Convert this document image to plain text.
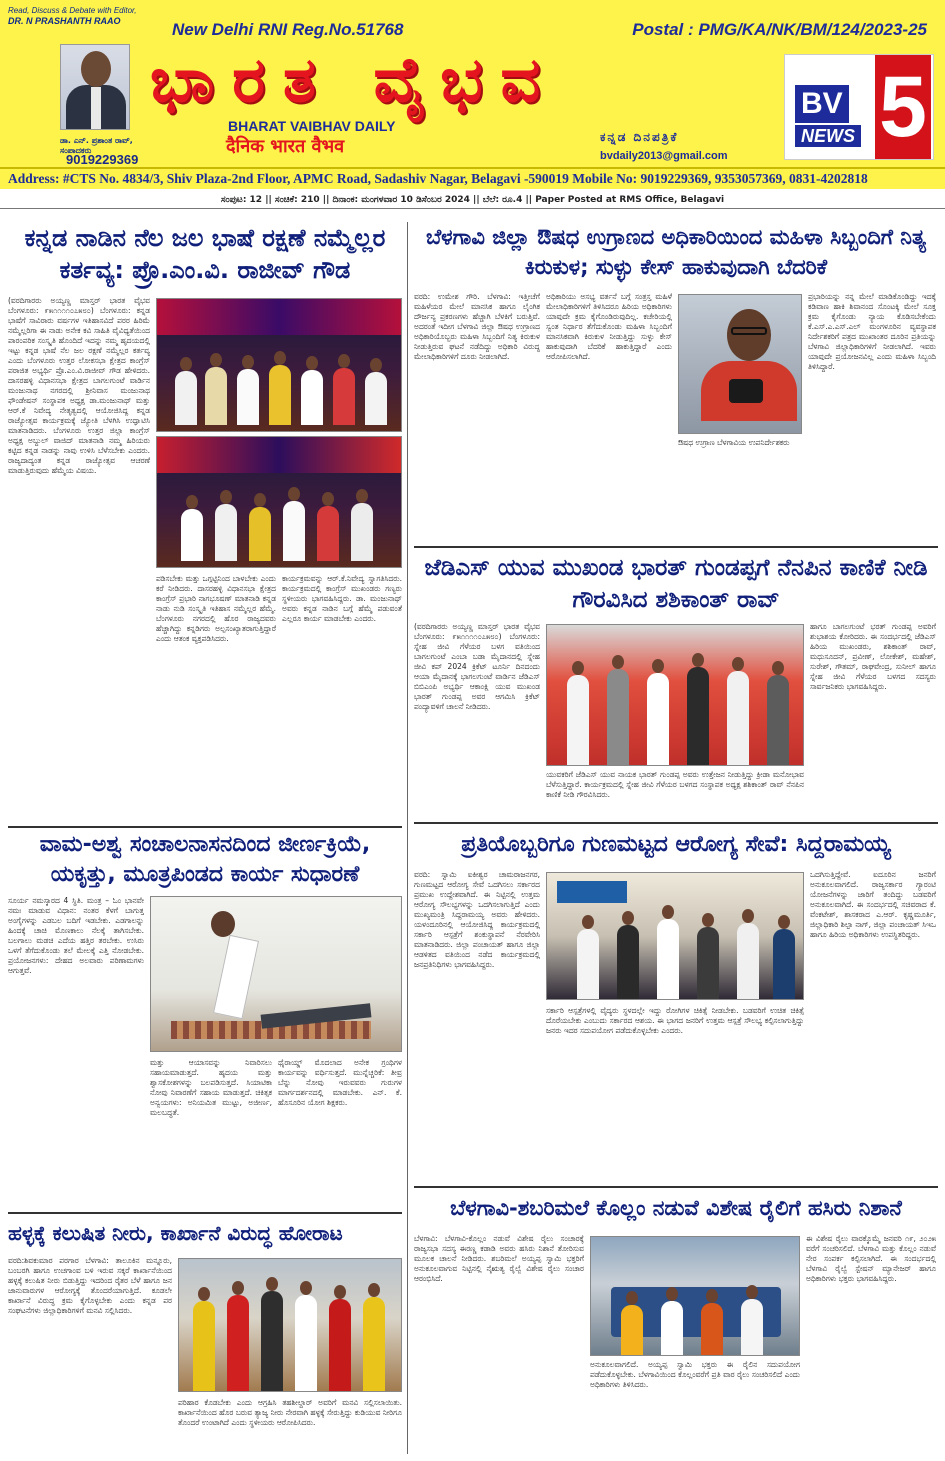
Read, Discuss & Debate with Editor,
DR. N PRASHANTH RAAO
ಡಾ. ಎನ್. ಪ್ರಶಾಂತ ರಾವ್, ಸಂಪಾದಕರು
9019229369
New Delhi RNI Reg.No.51768	Postal : PMG/KA/NK/BM/124/2023-25
ಭಾರತ ವೈಭವ
BHARAT VAIBHAV DAILY
दैनिक भारत वैभव	ಕನ್ನಡ ದಿನಪತ್ರಿಕೆ
bvdaily2013@gmail.com
5
BV
NEWS
Address: #CTS No. 4834/3, Shiv Plaza-2nd Floor, APMC Road, Sadashiv Nagar, Belagavi -590019 Mobile No: 9019229369, 9353057369, 0831-4202818
ಸಂಪುಟ: 12 || ಸಂಚಿಕೆ: 210 || ದಿನಾಂಕ: ಮಂಗಳವಾರ 10 ಡಿಸೆಂಬರ 2024 || ಬೆಲೆ: ರೂ.4 || Paper Posted at RMS Office, Belagavi
ಕನ್ನಡ ನಾಡಿನ ನೆಲ ಜಲ ಭಾಷೆ ರಕ್ಷಣೆ ನಮ್ಮೆಲ್ಲರ ಕರ್ತವ್ಯ: ಪ್ರೊ.ಎಂ.ವಿ. ರಾಜೀವ್ ಗೌಡ
(ವರದಿಗಾರರು ಅಯ್ಯಣ್ಣ ಮಾಸ್ತರ್ ಭಾರತ ವೈಭವ ಬೆಂಗಳೂರು: ೯೫೧೧೧೧೦೭೫೮೦) ಬೆಂಗಳೂರು: ಕನ್ನಡ ಭಾಷೆಗೆ ಸಾವಿರಾರು ವರ್ಷಗಳ ಇತಿಹಾಸವಿದೆ ಪರರ ಹಿರಿಮೆ ನಮ್ಮೆಲ್ಲರಿಗಾ ಈ ನಾಡು ಅನೇಕ ಕವಿ ಸಾಹಿತಿ ವೈವಿಧ್ಯತೆಯಿಂದ ಪಾರಂಪರಿಕ ಸಂಸ್ಕೃತಿ ಹೊಂದಿದೆ ಇದನ್ನು ನಮ್ಮ ಹೃದಯದಲ್ಲಿ ಇಟ್ಟು ಕನ್ನಡ ಭಾಷೆ ನೆಲ ಜಲ ರಕ್ಷಣೆ ನಮ್ಮೆಲ್ಲರ ಕರ್ತವ್ಯ ಎಂದು ಬೆಂಗಳೂರು ಉತ್ತರ ಲೋಕಸಭಾ ಕ್ಷೇತ್ರದ ಕಾಂಗ್ರೆಸ್ ಪರಾಜಿತ ಅಭ್ಯರ್ಥಿ ಪ್ರೊ.ಎಂ.ವಿ.ರಾಜೀವ್ ಗೌಡ ಹೇಳಿದರು. ದಾಸರಹಳ್ಳಿ ವಿಧಾನಸಭಾ ಕ್ಷೇತ್ರದ ಬಾಗಲಗುಂಟೆ ವಾರ್ಡಿನ ಮಂಜುನಾಥ ನಗರದಲ್ಲಿ ಶ್ರೀನಿವಾಸ ಮಂಜುನಾಥ ಫೌಂಡೇಷನ್ ಸಂಸ್ಥಾಪಕ ಅಧ್ಯಕ್ಷ ಡಾ.ಮಂಜುನಾಥ್ ಮತ್ತು ಆರ್.ಕೆ ನಿವೇದ್ಯ ನೇತೃತ್ವದಲ್ಲಿ ಆಯೋಜಿಸಿದ್ದ ಕನ್ನಡ ರಾಜ್ಯೋತ್ಸವ ಕಾರ್ಯಕ್ರಮಕ್ಕೆ ಜ್ಯೋತಿ ಬೆಳಗಿಸಿ ಉದ್ಘಾಟಿಸಿ ಮಾತನಾಡಿದರು. ಬೆಂಗಳೂರು ಉತ್ತರ ಜಿಲ್ಲಾ ಕಾಂಗ್ರೆಸ್ ಅಧ್ಯಕ್ಷ ಅಬ್ದುಲ್ ವಾಜಿದ್ ಮಾತನಾಡಿ ನಮ್ಮ ಹಿರಿಯರು ಕಟ್ಟಿದ ಕನ್ನಡ ನಾಡನ್ನು ನಾವು ಉಳಿಸಿ ಬೆಳೆಸಬೇಕು ಎಂದರು. ರಾಜ್ಯದಾದ್ಯಂತ ಕನ್ನಡ ರಾಜ್ಯೋತ್ಸವ ಆಚರಣೆ ಮಾಡುತ್ತಿರುವುದು ಹೆಮ್ಮೆಯ ವಿಷಯ.
ಪಡಿಸಬೇಕು ಮತ್ತು ಒಗ್ಗಟ್ಟಿನಿಂದ ಬಾಳಬೇಕು ಎಂದು ಕರೆ ನೀಡಿದರು. ದಾಸರಹಳ್ಳಿ ವಿಧಾನಸಭಾ ಕ್ಷೇತ್ರದ ಕಾಂಗ್ರೆಸ್ ಪ್ರಭಾರಿ ನಾಗಭೂಷಣ್ ಮಾತನಾಡಿ ಕನ್ನಡ ನಾಡು ನುಡಿ ಸಂಸ್ಕೃತಿ ಇತಿಹಾಸ ನಮ್ಮೆಲ್ಲರ ಹೆಮ್ಮೆ. ಬೆಂಗಳೂರು ನಗರದಲ್ಲಿ ಹೊರ ರಾಜ್ಯದವರು ಹೆಚ್ಚಾಗಿದ್ದು ಕನ್ನಡಿಗರು ಅಲ್ಪಸಂಖ್ಯಾತರಾಗುತ್ತಿದ್ದಾರೆ ಎಂದು ಆತಂಕ ವ್ಯಕ್ತಪಡಿಸಿದರು.
ಕಾರ್ಯಕ್ರಮವನ್ನು ಆರ್.ಕೆ.ನಿವೇದ್ಯ ಸ್ವಾಗತಿಸಿದರು. ಕಾರ್ಯಕ್ರಮದಲ್ಲಿ ಕಾಂಗ್ರೆಸ್ ಮುಖಂಡರು ಗಣ್ಯರು ಸ್ಥಳೀಯರು ಭಾಗವಹಿಸಿದ್ದರು. ಡಾ. ಮಂಜುನಾಥ್ ಅವರು ಕನ್ನಡ ನಾಡಿನ ಬಗ್ಗೆ ಹೆಮ್ಮೆ ಪಡುವಂತೆ ಎಲ್ಲರೂ ಕಾರ್ಯ ಮಾಡಬೇಕು ಎಂದರು.
ಬೆಳಗಾವಿ ಜಿಲ್ಲಾ ಔಷಧ ಉಗ್ರಾಣದ ಅಧಿಕಾರಿಯಿಂದ ಮಹಿಳಾ ಸಿಬ್ಬಂದಿಗೆ ನಿತ್ಯ ಕಿರುಕುಳ; ಸುಳ್ಳು ಕೇಸ್ ಹಾಕುವುದಾಗಿ ಬೆದರಿಕೆ
ವರದಿ: ಉಮೇಶ ಗೌರಿ. ಬೆಳಗಾವಿ: ಇತ್ತೀಚೆಗೆ ಮಹಿಳೆಯರ ಮೇಲೆ ಮಾನಸಿಕ ಹಾಗೂ ಲೈಂಗಿಕ ದೌರ್ಜನ್ಯ ಪ್ರಕರಣಗಳು ಹೆಚ್ಚಾಗಿ ಬೆಳಕಿಗೆ ಬರುತ್ತಿವೆ. ಅದರಂತೆ ಇದೀಗ ಬೆಳಗಾವಿ ಜಿಲ್ಲಾ ಔಷಧ ಉಗ್ರಾಣದ ಅಧಿಕಾರಿಯೊಬ್ಬರು ಮಹಿಳಾ ಸಿಬ್ಬಂದಿಗೆ ನಿತ್ಯ ಕಿರುಕುಳ ನೀಡುತ್ತಿರುವ ಘಟನೆ ನಡೆದಿದ್ದು ಅಧಿಕಾರಿ ವಿರುದ್ಧ ಮೇಲಾಧಿಕಾರಿಗಳಿಗೆ ದೂರು ನೀಡಲಾಗಿದೆ.
ಅಧಿಕಾರಿಯು ಅಸಭ್ಯ ವರ್ತನೆ ಬಗ್ಗೆ ಸಂತ್ರಸ್ತ ಮಹಿಳೆ ಮೇಲಾಧಿಕಾರಿಗಳಿಗೆ ತಿಳಿಸಿದರೂ ಹಿರಿಯ ಅಧಿಕಾರಿಗಳು ಯಾವುದೇ ಕ್ರಮ ಕೈಗೊಂಡಿರುವುದಿಲ್ಲ. ಕಚೇರಿಯಲ್ಲಿ ಸ್ವಂತ ನಿರ್ಧಾರ ತೆಗೆದುಕೊಂಡು ಮಹಿಳಾ ಸಿಬ್ಬಂದಿಗೆ ಮಾನಸಿಕವಾಗಿ ಕಿರುಕುಳ ನೀಡುತ್ತಿದ್ದು ಸುಳ್ಳು ಕೇಸ್ ಹಾಕುವುದಾಗಿ ಬೆದರಿಕೆ ಹಾಕುತ್ತಿದ್ದಾರೆ ಎಂದು ಆರೋಪಿಸಲಾಗಿದೆ.
ಔಷಧ ಉಗ್ರಾಣ ಬೆಳಗಾವಿಯ ಉಪನಿರ್ದೇಶಕರು
ಪ್ರಭಾರಿಯನ್ನು ನನ್ನ ಮೇಲೆ ಮಾಡಿಕೊಂಡಿದ್ದು ಇದಕ್ಕೆ ಕಡಿವಾಣ ಹಾಕಿ ಶಿವಾನಂದ ಸೊಂಟಕ್ಕಿ ಮೇಲೆ ಸೂಕ್ತ ಕ್ರಮ ಕೈಗೊಂಡು ನ್ಯಾಯ ಕೊಡಿಸಬೇಕೆಂದು ಕೆ.ಎಸ್.ಎ.ಎಸ್.ಎಲ್ ಮಂಗಳೂರಿನ ವ್ಯವಸ್ಥಾಪಕ ನಿರ್ದೇಶಕರಿಗೆ ಪತ್ರದ ಮುಖಾಂತರ ದೂರಿನ ಪ್ರತಿಯನ್ನು ಬೆಳಗಾವಿ ಜಿಲ್ಲಾಧಿಕಾರಿಗಳಿಗೆ ನೀಡಲಾಗಿದೆ. ಇವರು ಯಾವುದೇ ಪ್ರಯೋಜನವಿಲ್ಲ ಎಂದು ಮಹಿಳಾ ಸಿಬ್ಬಂದಿ ತಿಳಿಸಿದ್ದಾರೆ.
ಜೆಡಿಎಸ್ ಯುವ ಮುಖಂಡ ಭಾರತ್ ಗುಂಡಪ್ಪಗೆ ನೆನಪಿನ ಕಾಣಿಕೆ ನೀಡಿ ಗೌರವಿಸಿದ ಶಶಿಕಾಂತ್ ರಾವ್
(ವರದಿಗಾರರು ಅಯ್ಯಣ್ಣ ಮಾಸ್ತರ್ ಭಾರತ ವೈಭವ ಬೆಂಗಳೂರು: ೯೫೧೧೧೧೦೭೫೮೦) ಬೆಂಗಳೂರು: ಸ್ನೇಹ ಜೀವಿ ಗೆಳೆಯರ ಬಳಗ ವತಿಯಿಂದ ಬಾಗಲಗುಂಟೆ ಎಂಬಾ ಬಡಾ ಮೈದಾನದಲ್ಲಿ ಸ್ನೇಹ ಜೀವಿ ಕಪ್ 2024 ಕ್ರಿಕೆಟ್ ಟೂರ್ನಿ ದಿನದಂದು ಆಯಾ ಮೈದಾನಕ್ಕೆ ಭಾಗಲಗುಂಟೆ ವಾರ್ಡಿನ ಜೆಡಿಎಸ್ ಬಿಬಿಎಂಪಿ ಅಭ್ಯರ್ಥಿ ಆಕಾಂಕ್ಷಿ ಯುವ ಮುಖಂಡ ಭಾರತ್ ಗುಂಡಪ್ಪ ಅವರ ಆಗಮಿಸಿ ಕ್ರಿಕೆಟ್ ಪಂದ್ಯಾವಳಿಗೆ ಚಾಲನೆ ನೀಡಿದರು.
ಯುವಕರಿಗೆ ಜೆಡಿಎಸ್ ಯುವ ನಾಯಕ ಭಾರತ್ ಗುಂಡಪ್ಪ ಅವರು ಉತ್ತೇಜನ ನೀಡುತ್ತಿದ್ದು ಕ್ರೀಡಾ ಮನೋಭಾವ ಬೆಳೆಸುತ್ತಿದ್ದಾರೆ. ಕಾರ್ಯಕ್ರಮದಲ್ಲಿ ಸ್ನೇಹ ಜೀವಿ ಗೆಳೆಯರ ಬಳಗದ ಸಂಸ್ಥಾಪಕ ಅಧ್ಯಕ್ಷ ಶಶಿಕಾಂತ್ ರಾವ್ ನೆನಪಿನ ಕಾಣಿಕೆ ನೀಡಿ ಗೌರವಿಸಿದರು.
ಹಾಗೂ ಬಾಗಲಗುಂಟೆ ಭರತ್ ಗುಂಡಪ್ಪ ಅವರಿಗೆ ಶುಭಾಶಯ ಕೋರಿದರು. ಈ ಸಂದರ್ಭದಲ್ಲಿ ಜೆಡಿಎಸ್ ಹಿರಿಯ ಮುಖಂಡರು, ಶಶಿಕಾಂತ್ ರಾವ್, ಮಧುಸೂದನ್, ಪ್ರವೀಣ್, ಲೋಕೇಶ್, ಮಹೇಶ್, ಸುರೇಶ್, ಗೌತಮ್, ರಾಘವೇಂದ್ರ, ಸುನೀಲ್ ಹಾಗೂ ಸ್ನೇಹ ಜೀವಿ ಗೆಳೆಯರ ಬಳಗದ ಸದಸ್ಯರು ಸಾರ್ವಜನಿಕರು ಭಾಗವಹಿಸಿದ್ದರು.
ವಾಮ-ಅಶ್ವ ಸಂಚಾಲನಾಸನದಿಂದ ಜೀರ್ಣಕ್ರಿಯೆ, ಯಕೃತ್ತು, ಮೂತ್ರಪಿಂಡದ ಕಾರ್ಯ ಸುಧಾರಣೆ
ಸೂರ್ಯ ನಮಸ್ಕಾರದ 4 ಸ್ಥಿತಿ. ಮಂತ್ರ – ಓಂ ಭಾನವೇ ನಮಃ ಮಾಡುವ ವಿಧಾನ: ನಂತರ ಕೆಳಗೆ ಬಾಗುತ್ತ ಅಂಗೈಗಳನ್ನು ಎಡಬಲ ಬದಿಗೆ ಇಡಬೇಕು. ಎಡಗಾಲನ್ನು ಹಿಂದಕ್ಕೆ ಚಾಚಿ ಮೊಣಕಾಲು ನೆಲಕ್ಕೆ ತಾಗಿಸಬೇಕು. ಬಲಗಾಲು ಮಡಚಿ ಎದೆಯ ಹತ್ತಿರ ತರಬೇಕು. ಉಸಿರು ಒಳಗೆ ತೆಗೆದುಕೊಂಡು ತಲೆ ಮೇಲಕ್ಕೆ ಎತ್ತಿ ನೋಡಬೇಕು. ಪ್ರಯೋಜನಗಳು: ದೇಹದ ಅಲವಾರು ಪರಿಣಾಮಗಳು ಆಗುತ್ತವೆ.
ಮತ್ತು ಆಯಾಸವನ್ನು ನಿವಾರಿಸಲು ಸಹಾಯಮಾಡುತ್ತದೆ. ಹೃದಯ ಮತ್ತು ಶ್ವಾಸಕೋಶಗಳನ್ನು ಬಲಪಡಿಸುತ್ತದೆ. ಸಿಯಾಟಿಕಾ ನೋವು ನಿವಾರಣೆಗೆ ಸಹಾಯ ಮಾಡುತ್ತದೆ. ಚಿಕಿತ್ಸಕ ಅನ್ವಯಗಳು: ಅನಿಯಮಿತ ಮುಟ್ಟು, ಅಜೀರ್ಣ, ಮಲಬದ್ಧತೆ.
ಥೈರಾಯ್ಡ್ ಮೊದಲಾದ ಅನೇಕ ಗ್ರಂಥಿಗಳ ಕಾರ್ಯವನ್ನು ವರ್ಧಿಸುತ್ತದೆ. ಮುನ್ನೆಚ್ಚರಿಕೆ: ತೀವ್ರ ಬೆನ್ನು ನೋವು ಇರುವವರು ಗುರುಗಳ ಮಾರ್ಗದರ್ಶನದಲ್ಲಿ ಮಾಡಬೇಕು. ಎನ್. ಕೆ. ಹೊಸೂರಿನ ಯೋಗ ಶಿಕ್ಷಕರು.
ಪ್ರತಿಯೊಬ್ಬರಿಗೂ ಗುಣಮಟ್ಟದ ಆರೋಗ್ಯ ಸೇವೆ: ಸಿದ್ದರಾಮಯ್ಯ
ವರದಿ: ಸ್ವಾಮಿ ಐಕೀಶ್ವರ ಚಾಮರಾಜನಗರ, ಗುಣಮಟ್ಟದ ಆರೋಗ್ಯ ಸೇವೆ ಒದಗಿಸಲು ಸರ್ಕಾರದ ಪ್ರಮುಖ ಉದ್ದೇಶವಾಗಿದೆ. ಈ ನಿಟ್ಟಿನಲ್ಲಿ ಉತ್ತಮ ಆರೋಗ್ಯ ಸೌಲಭ್ಯಗಳನ್ನು ಒದಗಿಸಲಾಗುತ್ತಿದೆ ಎಂದು ಮುಖ್ಯಮಂತ್ರಿ ಸಿದ್ದರಾಮಯ್ಯ ಅವರು ಹೇಳಿದರು. ಯಳಂದೂರಿನಲ್ಲಿ ಆಯೋಜಿಸಿದ್ದ ಕಾರ್ಯಕ್ರಮದಲ್ಲಿ ಸರ್ಕಾರಿ ಆಸ್ಪತ್ರೆಗೆ ಶಂಕುಸ್ಥಾಪನೆ ನೆರವೇರಿಸಿ ಮಾತನಾಡಿದರು. ಜಿಲ್ಲಾ ಪಂಚಾಯತ್ ಹಾಗೂ ಜಿಲ್ಲಾ ಆಡಳಿತದ ವತಿಯಿಂದ ನಡೆದ ಕಾರ್ಯಕ್ರಮದಲ್ಲಿ ಜನಪ್ರತಿನಿಧಿಗಳು ಭಾಗವಹಿಸಿದ್ದರು.
ಸರ್ಕಾರಿ ಆಸ್ಪತ್ರೆಗಳಲ್ಲಿ ವೈದ್ಯರು ಸ್ಥಳದಲ್ಲೇ ಇದ್ದು ರೋಗಿಗಳ ಚಿಕಿತ್ಸೆ ನೀಡಬೇಕು. ಬಡವರಿಗೆ ಉಚಿತ ಚಿಕಿತ್ಸೆ ದೊರೆಯಬೇಕು ಎಂಬುದು ಸರ್ಕಾರದ ಆಶಯ. ಈ ಭಾಗದ ಜನರಿಗೆ ಉತ್ತಮ ಆಸ್ಪತ್ರೆ ಸೌಲಭ್ಯ ಕಲ್ಪಿಸಲಾಗುತ್ತಿದ್ದು ಜನರು ಇದರ ಸದುಪಯೋಗ ಪಡೆದುಕೊಳ್ಳಬೇಕು ಎಂದರು.
ಒದಗಿಸುತ್ತಿದ್ದೇವೆ. ಐದೂರಿನ ಜನರಿಗೆ ಅನುಕೂಲವಾಗಲಿದೆ. ರಾಜ್ಯಸರ್ಕಾರ ಗ್ಯಾರಂಟಿ ಯೋಜನೆಗಳನ್ನು ಜಾರಿಗೆ ತಂದಿದ್ದು ಬಡವರಿಗೆ ಅನುಕೂಲವಾಗಿದೆ. ಈ ಸಂದರ್ಭದಲ್ಲಿ ಸಚಿವರಾದ ಕೆ. ವೆಂಕಟೇಶ್, ಶಾಸಕರಾದ ಎ.ಆರ್. ಕೃಷ್ಣಮೂರ್ತಿ, ಜಿಲ್ಲಾಧಿಕಾರಿ ಶಿಲ್ಪಾ ನಾಗ್, ಜಿಲ್ಲಾ ಪಂಚಾಯತ್ ಸಿಇಒ ಹಾಗೂ ಹಿರಿಯ ಅಧಿಕಾರಿಗಳು ಉಪಸ್ಥಿತರಿದ್ದರು.
ಹಳ್ಳಕ್ಕೆ ಕಲುಷಿತ ನೀರು, ಕಾರ್ಖಾನೆ ವಿರುದ್ಧ ಹೋರಾಟ
ವರದಿ:ಶಿವಕುಮಾರ ಪರಗಾರ ಬೆಳಗಾವಿ: ತಾಲೂಕಿನ ಮನ್ನೂರು, ಬಂಬರಗಿ ಹಾಗೂ ಉಚಗಾಂವ ಬಳಿ ಇರುವ ಸಕ್ಕರೆ ಕಾರ್ಖಾನೆಯಿಂದ ಹಳ್ಳಕ್ಕೆ ಕಲುಷಿತ ನೀರು ಬಿಡುತ್ತಿದ್ದು ಇದರಿಂದ ರೈತರ ಬೆಳೆ ಹಾಗೂ ಜನ ಜಾನುವಾರುಗಳ ಆರೋಗ್ಯಕ್ಕೆ ತೊಂದರೆಯಾಗುತ್ತಿದೆ. ಕೂಡಲೇ ಕಾರ್ಖಾನೆ ವಿರುದ್ಧ ಕ್ರಮ ಕೈಗೊಳ್ಳಬೇಕು ಎಂದು ಕನ್ನಡ ಪರ ಸಂಘಟನೆಗಳು ಜಿಲ್ಲಾಧಿಕಾರಿಗಳಿಗೆ ಮನವಿ ಸಲ್ಲಿಸಿದರು.
ಪರಿಹಾರ ಕೊಡಬೇಕು ಎಂದು ಆಗ್ರಹಿಸಿ ತಹಶೀಲ್ದಾರ್ ಅವರಿಗೆ ಮನವಿ ಸಲ್ಲಿಸಲಾಯಿತು. ಕಾರ್ಖಾನೆಯಿಂದ ಹೊರ ಬರುವ ತ್ಯಾಜ್ಯ ನೀರು ನೇರವಾಗಿ ಹಳ್ಳಕ್ಕೆ ಸೇರುತ್ತಿದ್ದು ಕುಡಿಯುವ ನೀರಿಗೂ ತೊಂದರೆ ಉಂಟಾಗಿದೆ ಎಂದು ಸ್ಥಳೀಯರು ಆರೋಪಿಸಿದರು.
ಬೆಳಗಾವಿ-ಶಬರಿಮಲೆ ಕೊಲ್ಲಂ ನಡುವೆ ವಿಶೇಷ ರೈಲಿಗೆ ಹಸಿರು ನಿಶಾನೆ
ಬೆಳಗಾವಿ: ಬೆಳಗಾವಿ-ಕೊಲ್ಲಂ ನಡುವೆ ವಿಶೇಷ ರೈಲು ಸಂಚಾರಕ್ಕೆ ರಾಜ್ಯಸಭಾ ಸದಸ್ಯ ಈರಣ್ಣ ಕಡಾಡಿ ಅವರು ಹಸಿರು ನಿಶಾನೆ ತೋರಿಸುವ ಮೂಲಕ ಚಾಲನೆ ನೀಡಿದರು. ಶಬರಿಮಲೆ ಅಯ್ಯಪ್ಪ ಸ್ವಾಮಿ ಭಕ್ತರಿಗೆ ಅನುಕೂಲವಾಗುವ ನಿಟ್ಟಿನಲ್ಲಿ ನೈಋತ್ಯ ರೈಲ್ವೆ ವಿಶೇಷ ರೈಲು ಸಂಚಾರ ಆರಂಭಿಸಿದೆ.
ಅನುಕೂಲವಾಗಲಿದೆ. ಅಯ್ಯಪ್ಪ ಸ್ವಾಮಿ ಭಕ್ತರು ಈ ರೈಲಿನ ಸದುಪಯೋಗ ಪಡೆದುಕೊಳ್ಳಬೇಕು. ಬೆಳಗಾವಿಯಿಂದ ಕೊಲ್ಲಂವರೆಗೆ ಪ್ರತಿ ವಾರ ರೈಲು ಸಂಚರಿಸಲಿದೆ ಎಂದು ಅಧಿಕಾರಿಗಳು ತಿಳಿಸಿದರು.
ಈ ವಿಶೇಷ ರೈಲು ವಾರಕ್ಕೊಮ್ಮೆ ಜನವರಿ ೧೯, ೨೦೨೫ ವರೆಗೆ ಸಂಚರಿಸಲಿದೆ. ಬೆಳಗಾವಿ ಮತ್ತು ಕೊಲ್ಲಂ ನಡುವೆ ನೇರ ಸಂಪರ್ಕ ಕಲ್ಪಿಸಲಾಗಿದೆ. ಈ ಸಂದರ್ಭದಲ್ಲಿ ಬೆಳಗಾವಿ ರೈಲ್ವೆ ಸ್ಟೇಷನ್ ಮ್ಯಾನೇಜರ್ ಹಾಗೂ ಅಧಿಕಾರಿಗಳು ಭಕ್ತರು ಭಾಗವಹಿಸಿದ್ದರು.
